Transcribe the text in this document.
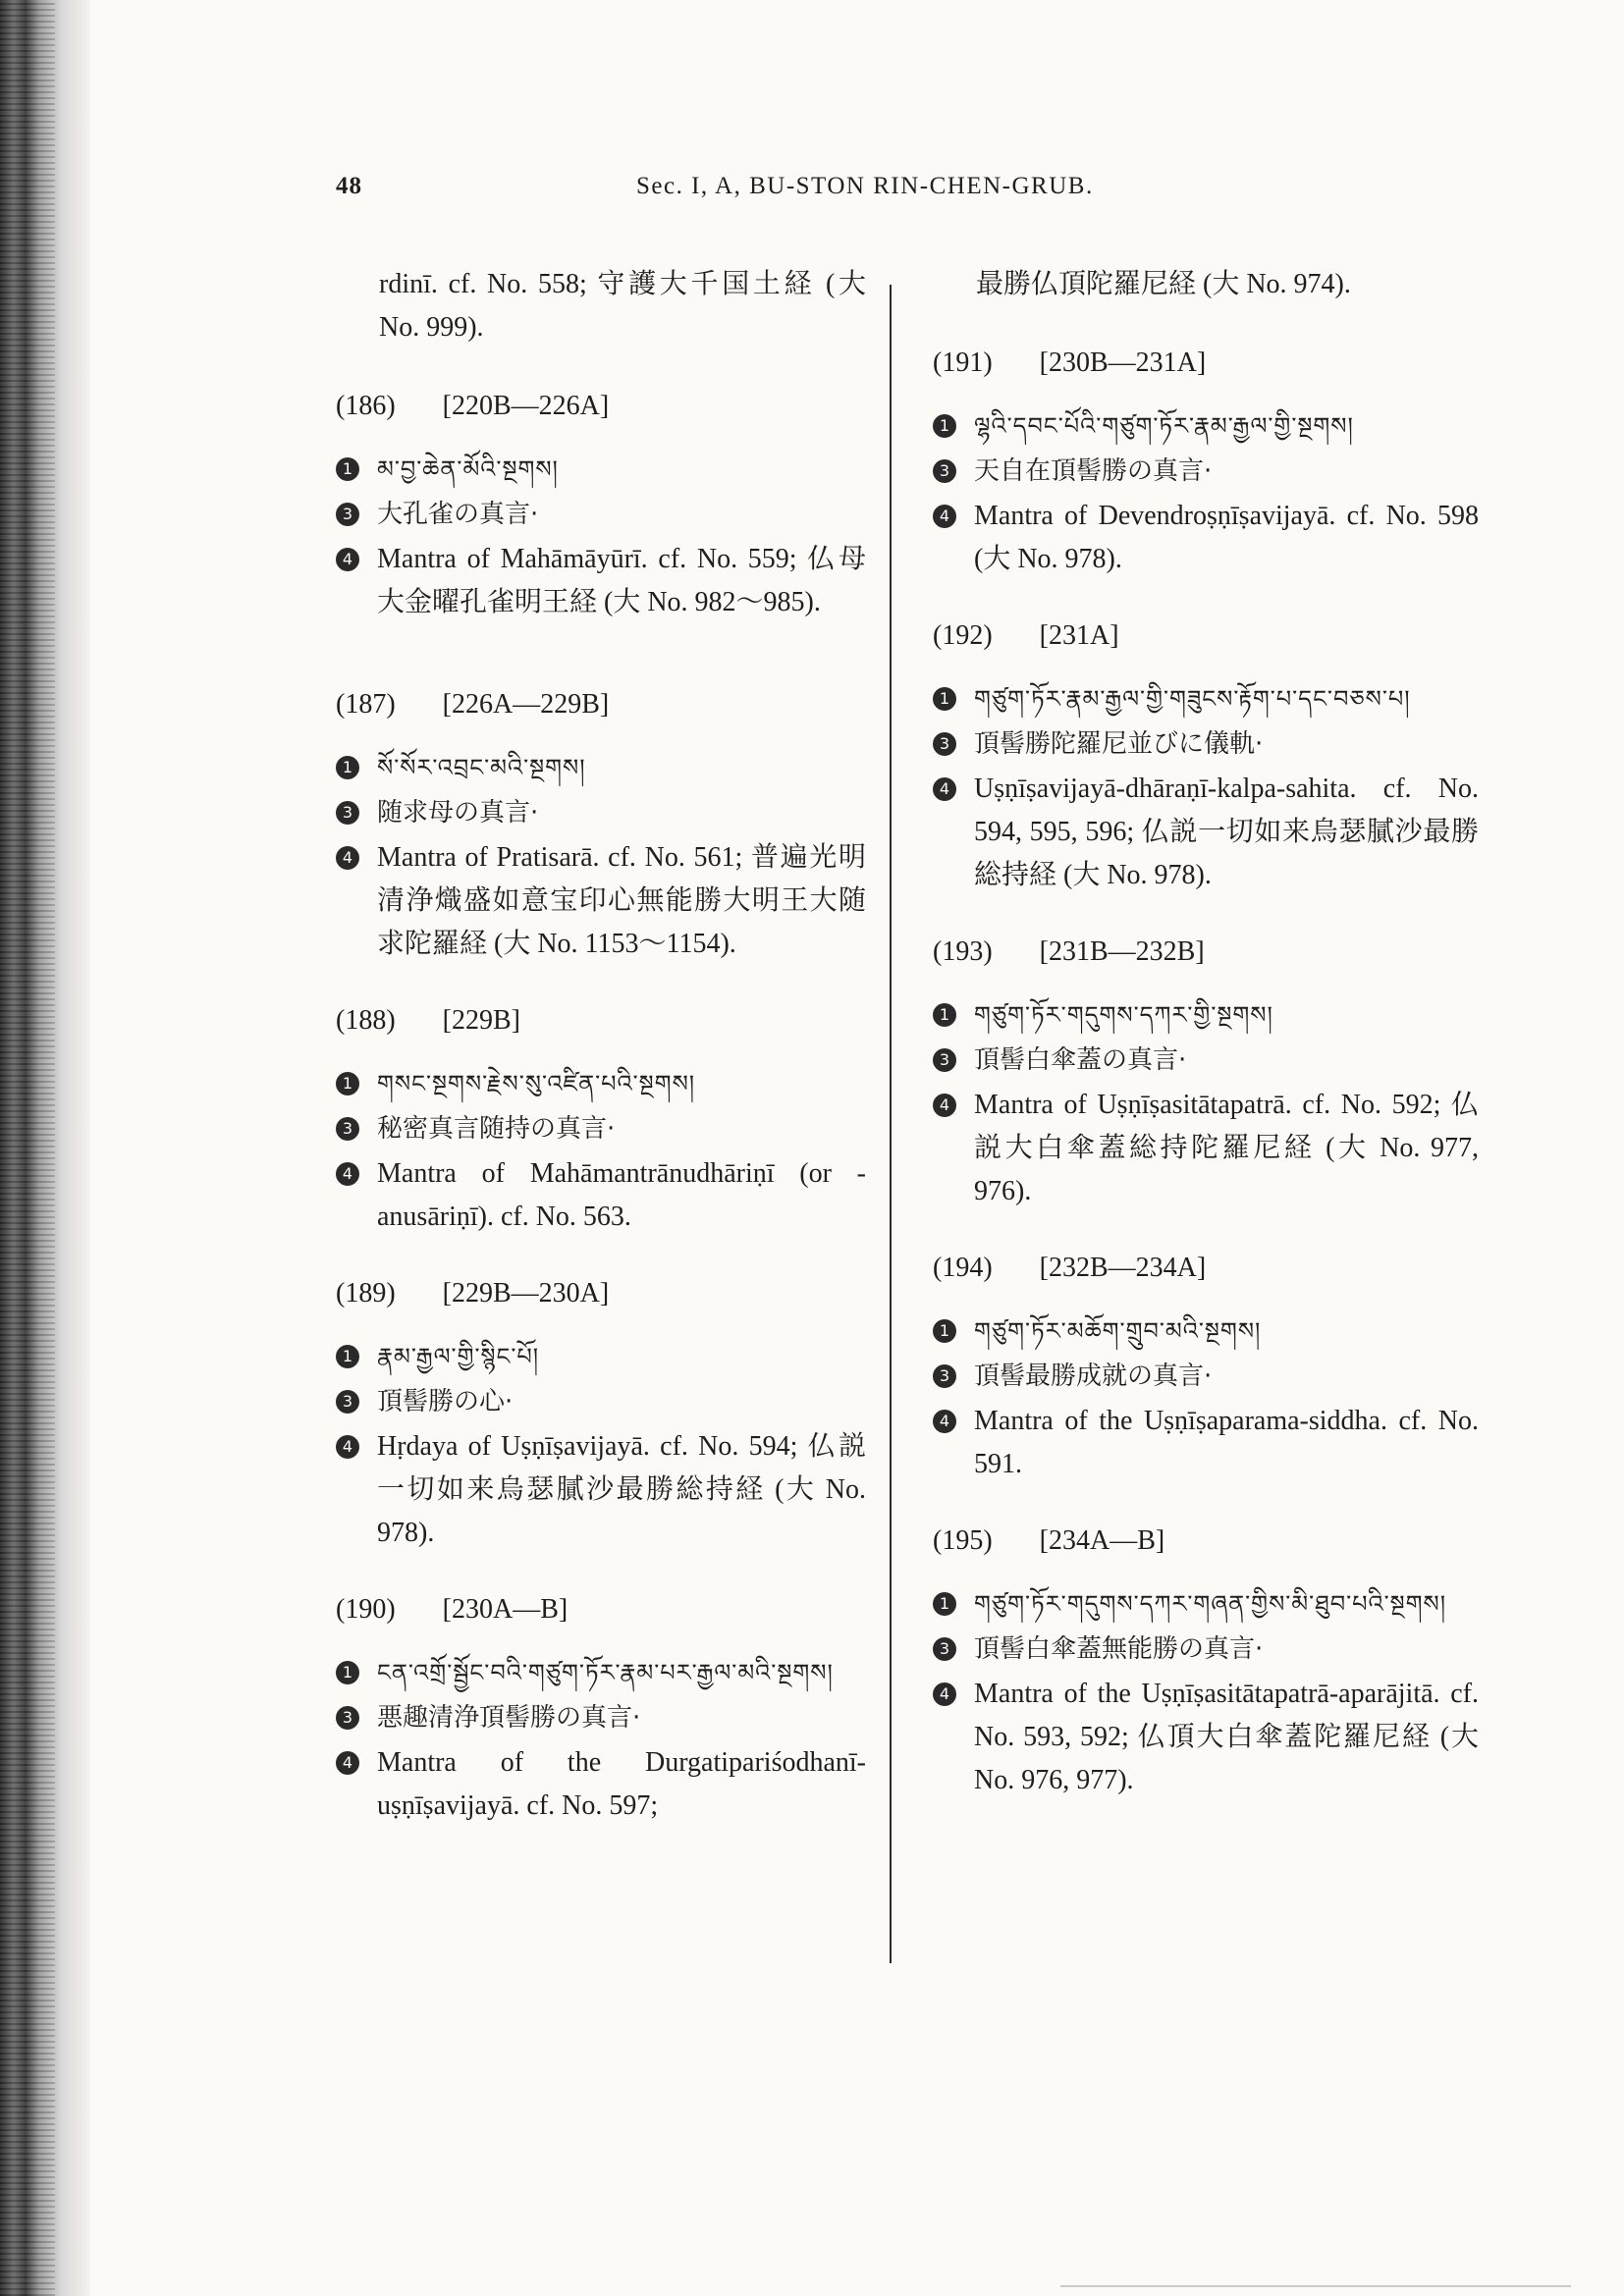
48	Sec. I, A, BU-STON RIN-CHEN-GRUB.
rdinī. cf. No. 558; 守護大千国土経 (大 No. 999).
(186) [220B—226A]
1 མ་བྱ་ཆེན་མོའི་སྔགས།
3 大孔雀の真言·
4 Mantra of Mahāmāyūrī. cf. No. 559; 仏母大金曜孔雀明王経 (大 No. 982～985).
(187) [226A—229B]
1 སོ་སོར་འབྲང་མའི་སྔགས།
3 随求母の真言·
4 Mantra of Pratisarā. cf. No. 561; 普遍光明清浄熾盛如意宝印心無能勝大明王大随求陀羅経 (大 No. 1153～1154).
(188) [229B]
1 གསང་སྔགས་རྗེས་སུ་འཛིན་པའི་སྔགས།
3 秘密真言随持の真言·
4 Mantra of Mahāmantrānudhāriṇī (or -anusāriṇī). cf. No. 563.
(189) [229B—230A]
1 རྣམ་རྒྱལ་གྱི་སྙིང་པོ།
3 頂髻勝の心·
4 Hṛdaya of Uṣṇīṣavijayā. cf. No. 594; 仏説一切如来烏瑟膩沙最勝総持経 (大 No. 978).
(190) [230A—B]
1 ངན་འགྲོ་སྦྱོང་བའི་གཙུག་ཏོར་རྣམ་པར་རྒྱལ་མའི་སྔགས།
3 悪趣清浄頂髻勝の真言·
4 Mantra of the Durgatipariśodhanī-uṣṇīṣavijayā. cf. No. 597;
最勝仏頂陀羅尼経 (大 No. 974).
(191) [230B—231A]
1 ལྷའི་དབང་པོའི་གཙུག་ཏོར་རྣམ་རྒྱལ་གྱི་སྔགས།
3 天自在頂髻勝の真言·
4 Mantra of Devendroṣṇīṣavijayā. cf. No. 598 (大 No. 978).
(192) [231A]
1 གཙུག་ཏོར་རྣམ་རྒྱལ་གྱི་གཟུངས་རྟོག་པ་དང་བཅས་པ།
3 頂髻勝陀羅尼並びに儀軌·
4 Uṣṇīṣavijayā-dhāraṇī-kalpa-sahita. cf. No. 594, 595, 596; 仏説一切如来烏瑟膩沙最勝総持経 (大 No. 978).
(193) [231B—232B]
1 གཙུག་ཏོར་གདུགས་དཀར་གྱི་སྔགས།
3 頂髻白傘蓋の真言·
4 Mantra of Uṣṇīṣasitātapatrā. cf. No. 592; 仏説大白傘蓋総持陀羅尼経 (大 No. 977, 976).
(194) [232B—234A]
1 གཙུག་ཏོར་མཆོག་གྲུབ་མའི་སྔགས།
3 頂髻最勝成就の真言·
4 Mantra of the Uṣṇīṣaparama-siddha. cf. No. 591.
(195) [234A—B]
1 གཙུག་ཏོར་གདུགས་དཀར་གཞན་གྱིས་མི་ཐུབ་པའི་སྔགས།
3 頂髻白傘蓋無能勝の真言·
4 Mantra of the Uṣṇīṣasitātapatrā-aparājitā. cf. No. 593, 592; 仏頂大白傘蓋陀羅尼経 (大 No. 976, 977).
